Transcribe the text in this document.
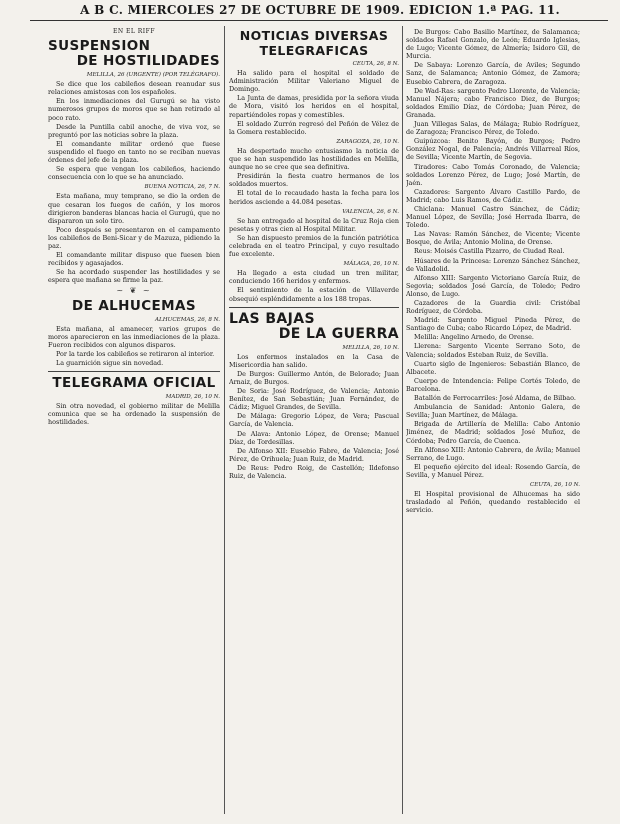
A B C. MIERCOLES 27 DE OCTUBRE DE 1909. EDICION 1.ª PAG. 11.
EN EL RIFF
SUSPENSION
DE HOSTILIDADES
MELILLA, 26 (URGENTE) (POR TELÉGRAFO).

Se dice que los cabileños desean reanudar sus relaciones amistosas con los españoles.

En los inmediaciones del Gurugú se ha visto numerosos grupos de moros que se han retirado al poco rato.

Desde la Puntilla cabil anoche, de viva voz, se preguntó por las noticias sobre la plaza.

El comandante militar ordenó que fuese suspendido el fuego en tanto no se reciban nuevas órdenes del jefe de la plaza.

Se espera que vengan los cabileños, haciendo consecuencia con lo que se ha anunciado.

BUENA NOTICIA, 26, 7 N.

Esta mañana, muy temprano, se dio la orden de que cesaran los fuegos de cañón, y los moros dirigieron banderas blancas hacia el Gurugú, que no dispararon un solo tiro.

Poco después se presentaron en el campamento los cabileños de Beni-Sicar y de Mazuza, pidiendo la paz.

El comandante militar dispuso que fuesen bien recibidos y agasajados.

Se ha acordado suspender las hostilidades y se espera que mañana se firme la paz.

~ ❦ ~
DE ALHUCEMAS
ALHUCEMAS, 26, 8 N.

Esta mañana, al amanecer, varios grupos de moros aparecieron en las inmediaciones de la plaza. Fueron recibidos con algunos disparos.

Por la tarde los cabileños se retiraron al interior.

La guarnición sigue sin novedad.

TELEGRAMA OFICIAL
MADRID, 26, 10 N.

Sin otra novedad, el gobierno militar de Melilla comunica que se ha ordenado la suspensión de hostilidades.

NOTICIAS DIVERSAS
TELEGRAFICAS
CEUTA, 26, 8 N.

Ha salido para el hospital el soldado de Administración Militar Valeriano Miguel de Domingo.

La Junta de damas, presidida por la señora viuda de Mora, visitó los heridos en el hospital, repartiéndoles ropas y comestibles.

El soldado Zurrón regresó del Peñón de Vélez de la Gomera restablecido.

ZARAGOZA, 26, 10 N.

Ha despertado mucho entusiasmo la noticia de que se han suspendido las hostilidades en Melilla, aunque no se cree que sea definitiva.

Presidirán la fiesta cuatro hermanos de los soldados muertos.

El total de lo recaudado hasta la fecha para los heridos asciende a 44.084 pesetas.

VALENCIA, 26, 6 N.

Se han entregado al hospital de la Cruz Roja cien pesetas y otras cien al Hospital Militar.

Se han dispuesto premios de la función patriótica celebrada en el teatro Principal, y cuyo resultado fue excelente.

MÁLAGA, 26, 10 N.

Ha llegado a esta ciudad un tren militar, conduciendo 166 heridos y enfermos.

El sentimiento de la estación de Villaverde obsequió espléndidamente a los 188 tropas.

LAS BAJAS
DE LA GUERRA
MELILLA, 26, 10 N.

Los enfermos instalados en la Casa de Misericordia han salido.

De Burgos: Guillermo Antón, de Belorado; Juan Arnaiz, de Burgos.

De Soria: José Rodríguez, de Valencia; Antonio Benítez, de San Sebastián; Juan Fernández, de Cádiz; Miguel Grandes, de Sevilla.

De Málaga: Gregorio López, de Vera; Pascual García, de Valencia.

De Alava: Antonio López, de Orense; Manuel Díaz, de Tordesillas.

De Alfonso XII: Eusebio Fabre, de Valencia; José Pérez, de Orihuela; Juan Ruiz, de Madrid.

De Reus: Pedro Roig, de Castellón; Ildefonso Ruiz, de Valencia.

De Burgos: Cabo Basilio Martínez, de Salamanca; soldados Rafael Gonzalo, de León; Eduardo Iglesias, de Lugo; Vicente Gómez, de Almería; Isidoro Gil, de Murcia.

De Sabaya: Lorenzo García, de Aviles; Segundo Sanz, de Salamanca; Antonio Gómez, de Zamora; Eusebio Cabrera, de Zaragoza.

De Wad-Ras: sargento Pedro Llorente, de Valencia; Manuel Nájera; cabo Francisco Diez, de Burgos; soldados Emilio Díaz, de Córdoba; Juan Pérez, de Granada.

Juan Villegas Salas, de Málaga; Rubio Rodríguez, de Zaragoza; Francisco Pérez, de Toledo.

Guipúzcoa: Benito Bayón, de Burgos; Pedro González Nogal, de Palencia; Andrés Villarreal Ríos, de Sevilla; Vicente Martín, de Segovia.

Tiradores: Cabo Tomás Coronado, de Valencia; soldados Lorenzo Pérez, de Lugo; José Martín, de Jaén.

Cazadores: Sargento Álvaro Castillo Pardo, de Madrid; cabo Luis Ramos, de Cádiz.

Chiclana: Manuel Castro Sánchez, de Cádiz; Manuel López, de Sevilla; José Herrada Ibarra, de Toledo.

Las Navas: Ramón Sánchez, de Vicente; Vicente Bosque, de Ávila; Antonio Molina, de Orense.

Reus: Moisés Castilla Pizarro, de Ciudad Real.

Húsares de la Princesa: Lorenzo Sánchez Sánchez, de Valladolid.

Alfonso XIII: Sargento Victoriano García Ruiz, de Segovia; soldados José García, de Toledo; Pedro Alonso, de Lugo.

Cazadores de la Guardia civil: Cristóbal Rodríguez, de Córdoba.

Madrid: Sargento Miguel Pineda Pérez, de Santiago de Cuba; cabo Ricardo López, de Madrid.

Melilla: Angelino Arnedo, de Orense.

Llerena: Sargento Vicente Serrano Soto, de Valencia; soldados Esteban Ruiz, de Sevilla.

Cuarto siglo de Ingenieros: Sebastián Blanco, de Albacete.

Cuerpo de Intendencia: Felipe Cortés Toledo, de Barcelona.

Batallón de Ferrocarriles: José Aldama, de Bilbao.

Ambulancia de Sanidad: Antonio Galera, de Sevilla; Juan Martínez, de Málaga.

Brigada de Artillería de Melilla: Cabo Antonio Jiménez, de Madrid; soldados José Muñoz, de Córdoba; Pedro García, de Cuenca.

En Alfonso XIII: Antonio Cabrera, de Ávila; Manuel Serrano, de Lugo.

El pequeño ejército del ideal: Rosendo García, de Sevilla, y Manuel Pérez.

CEUTA, 26, 10 N.

El Hospital provisional de Alhucemas ha sido trasladado al Peñón, quedando restablecido el servicio.
